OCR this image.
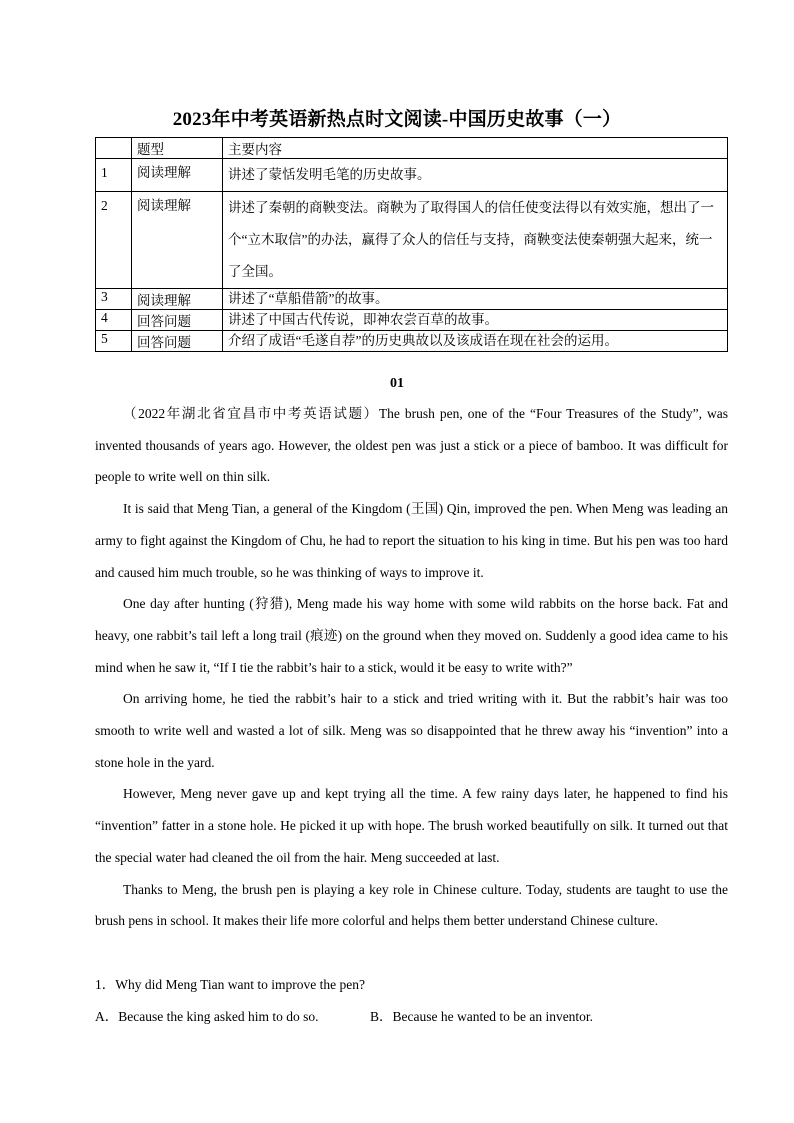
2023年中考英语新热点时文阅读-中国历史故事（一）
	题型	主要内容
1	阅读理解	讲述了蒙恬发明毛笔的历史故事。
2	阅读理解	讲述了秦朝的商鞅变法。商鞅为了取得国人的信任使变法得以有效实施，想出了一个“立木取信”的办法，赢得了众人的信任与支持，商鞅变法使秦朝强大起来，统一了全国。
3	阅读理解	讲述了“草船借箭”的故事。
4	回答问题	讲述了中国古代传说，即神农尝百草的故事。
5	回答问题	介绍了成语“毛遂自荐”的历史典故以及该成语在现在社会的运用。
01

（2022年湖北省宜昌市中考英语试题）The brush pen, one of the “Four Treasures of the Study”, was invented thousands of years ago. However, the oldest pen was just a stick or a piece of bamboo. It was difficult for people to write well on thin silk.

It is said that Meng Tian, a general of the Kingdom (王国) Qin, improved the pen. When Meng was leading an army to fight against the Kingdom of Chu, he had to report the situation to his king in time. But his pen was too hard and caused him much trouble, so he was thinking of ways to improve it.

One day after hunting (狩猎), Meng made his way home with some wild rabbits on the horse back. Fat and heavy, one rabbit’s tail left a long trail (痕迹) on the ground when they moved on. Suddenly a good idea came to his mind when he saw it, “If I tie the rabbit’s hair to a stick, would it be easy to write with?”

On arriving home, he tied the rabbit’s hair to a stick and tried writing with it. But the rabbit’s hair was too smooth to write well and wasted a lot of silk. Meng was so disappointed that he threw away his “invention” into a stone hole in the yard.

However, Meng never gave up and kept trying all the time. A few rainy days later, he happened to find his “invention” fatter in a stone hole. He picked it up with hope. The brush worked beautifully on silk. It turned out that the special water had cleaned the oil from the hair. Meng succeeded at last.

Thanks to Meng, the brush pen is playing a key role in Chinese culture. Today, students are taught to use the brush pens in school. It makes their life more colorful and helps them better understand Chinese culture.

1．Why did Meng Tian want to improve the pen?
A．Because the king asked him to do so.	B．Because he wanted to be an inventor.
